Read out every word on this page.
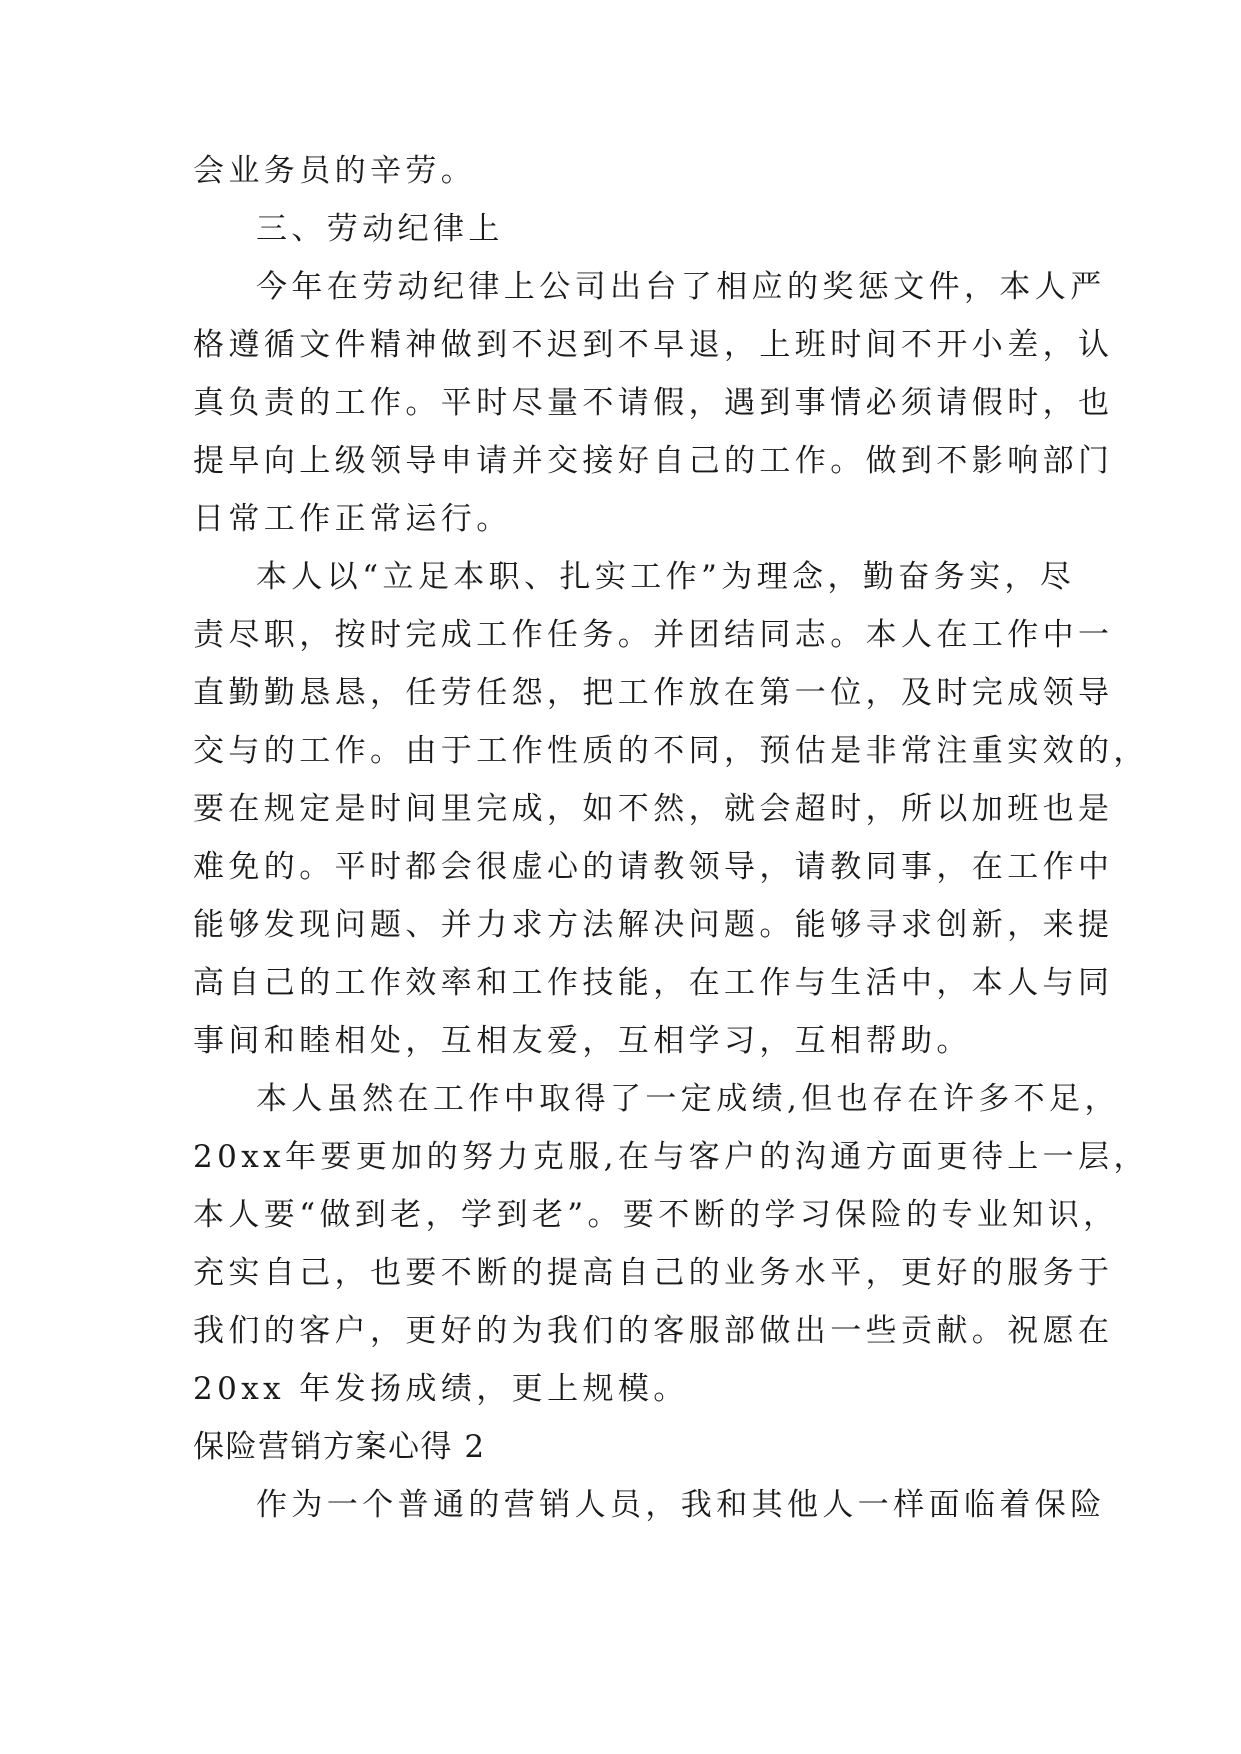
会业务员的辛劳。
三、劳动纪律上
今年在劳动纪律上公司出台了相应的奖惩文件，本人严
格遵循文件精神做到不迟到不早退，上班时间不开小差，认
真负责的工作。平时尽量不请假，遇到事情必须请假时，也
提早向上级领导申请并交接好自己的工作。做到不影响部门
日常工作正常运行。
本人以“立足本职、扎实工作”为理念，勤奋务实，尽
责尽职，按时完成工作任务。并团结同志。本人在工作中一
直勤勤恳恳，任劳任怨，把工作放在第一位，及时完成领导
交与的工作。由于工作性质的不同，预估是非常注重实效的，
要在规定是时间里完成，如不然，就会超时，所以加班也是
难免的。平时都会很虚心的请教领导，请教同事，在工作中
能够发现问题、并力求方法解决问题。能够寻求创新，来提
高自己的工作效率和工作技能，在工作与生活中，本人与同
事间和睦相处，互相友爱，互相学习，互相帮助。
本人虽然在工作中取得了一定成绩,但也存在许多不足，
20xx年要更加的努力克服,在与客户的沟通方面更待上一层，
本人要“做到老，学到老”。要不断的学习保险的专业知识，
充实自己，也要不断的提高自己的业务水平，更好的服务于
我们的客户，更好的为我们的客服部做出一些贡献。祝愿在
20xx 年发扬成绩，更上规模。
保险营销方案心得 2
作为一个普通的营销人员，我和其他人一样面临着保险
